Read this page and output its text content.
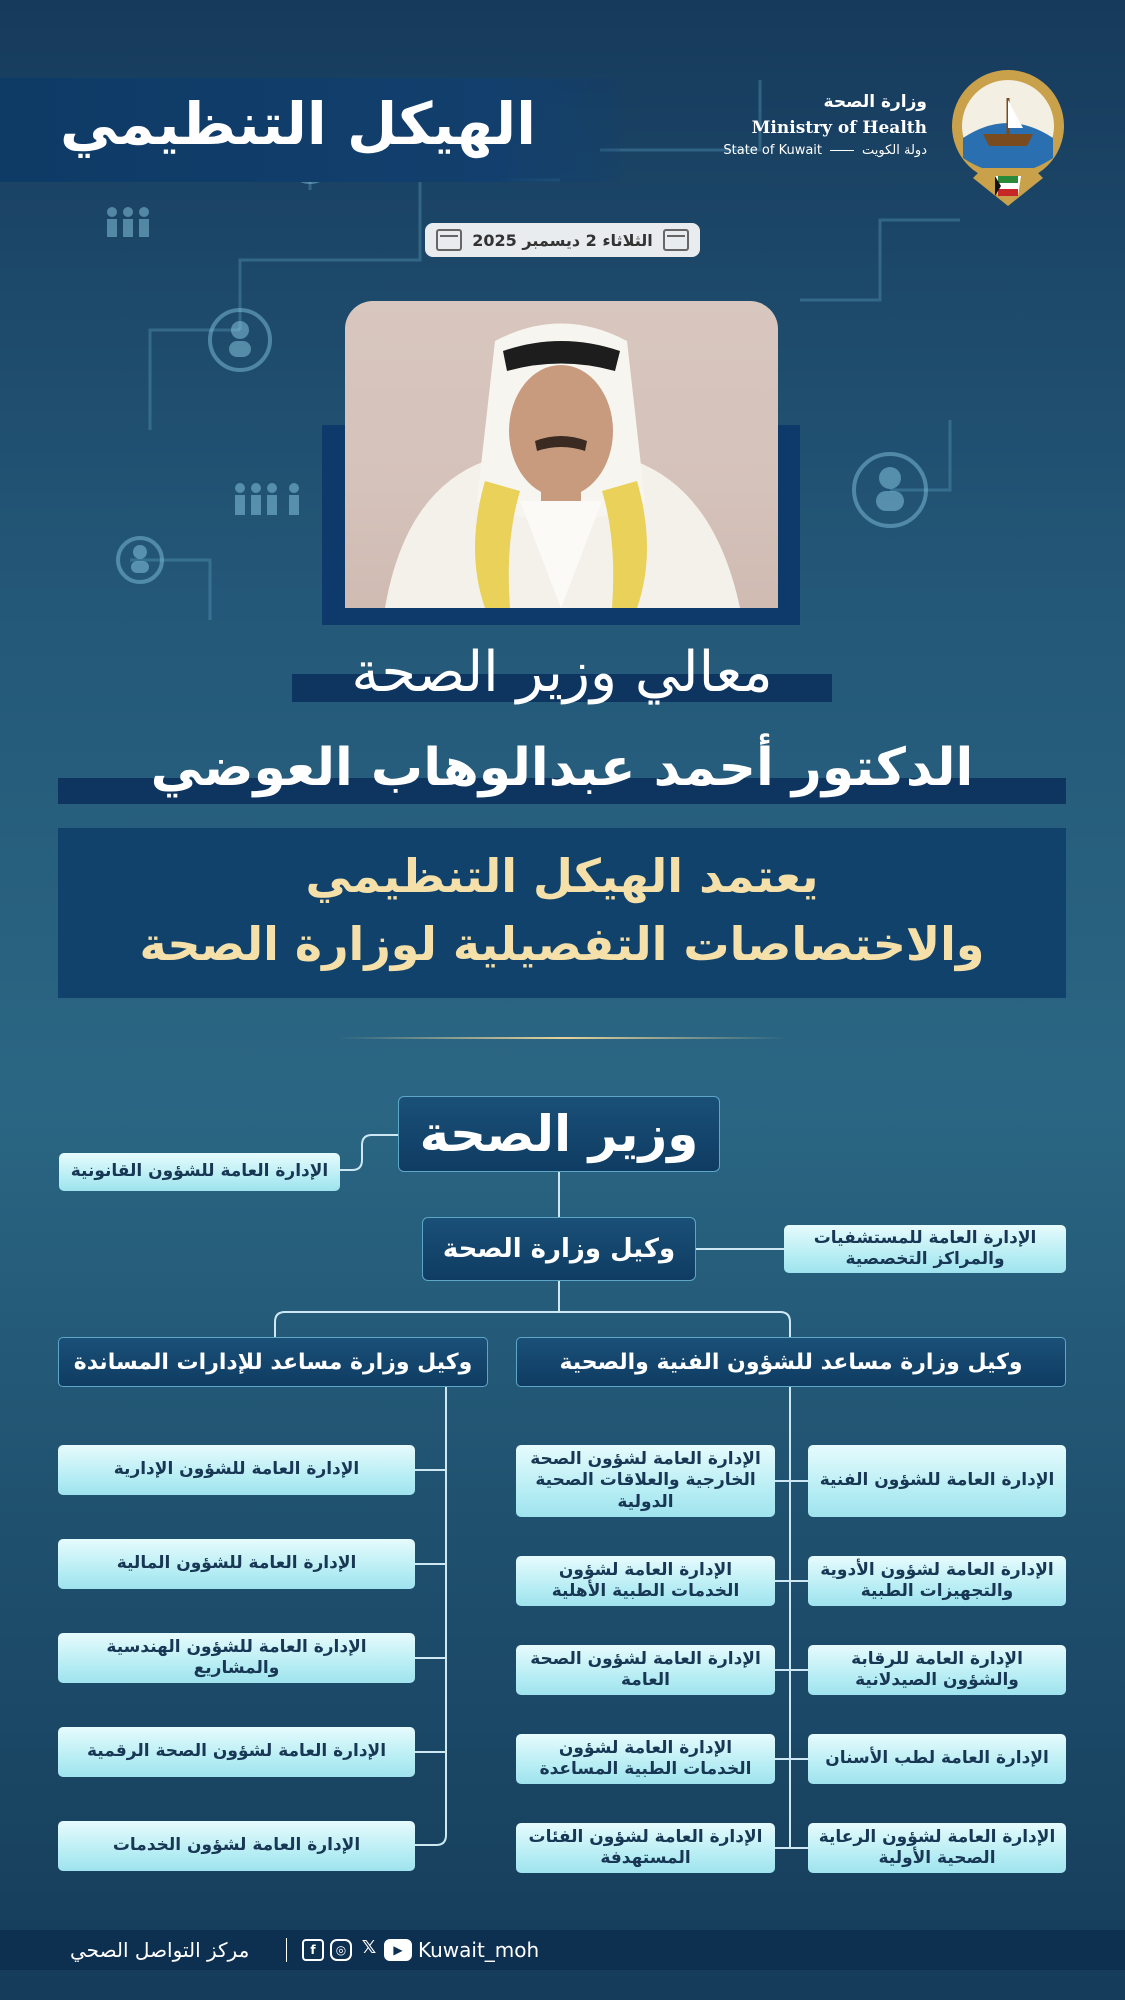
الهيكل التنظيمي	وزارة الصحة
Ministry of Health
State of Kuwait	دولة الكويت
الثلاثاء 2 ديسمبر 2025
معالي وزير الصحة
الدكتور أحمد عبدالوهاب العوضي
يعتمد الهيكل التنظيمي
والاختصاصات التفصيلية لوزارة الصحة
وزير الصحة
الإدارة العامة للشؤون القانونية
وكيل وزارة الصحة	الإدارة العامة للمستشفيات والمراكز التخصصية
وكيل وزارة مساعد للشؤون الفنية والصحية
وكيل وزارة مساعد للإدارات المساندة
الإدارة العامة للشؤون الفنية
الإدارة العامة لشؤون الأدوية والتجهيزات الطبية
الإدارة العامة للرقابة والشؤون الصيدلانية
الإدارة العامة لطب الأسنان
الإدارة العامة لشؤون الرعاية الصحية الأولية
الإدارة العامة لشؤون الصحة الخارجية والعلاقات الصحية الدولية
الإدارة العامة لشؤون الخدمات الطبية الأهلية
الإدارة العامة لشؤون الصحة العامة
الإدارة العامة لشؤون الخدمات الطبية المساعدة
الإدارة العامة لشؤون الفئات المستهدفة
الإدارة العامة للشؤون الإدارية
الإدارة العامة للشؤون المالية
الإدارة العامة للشؤون الهندسية والمشاريع
الإدارة العامة لشؤون الصحة الرقمية
الإدارة العامة لشؤون الخدمات
مركز التواصل الصحي	f	◎ 𝕏	▶ Kuwait_moh
